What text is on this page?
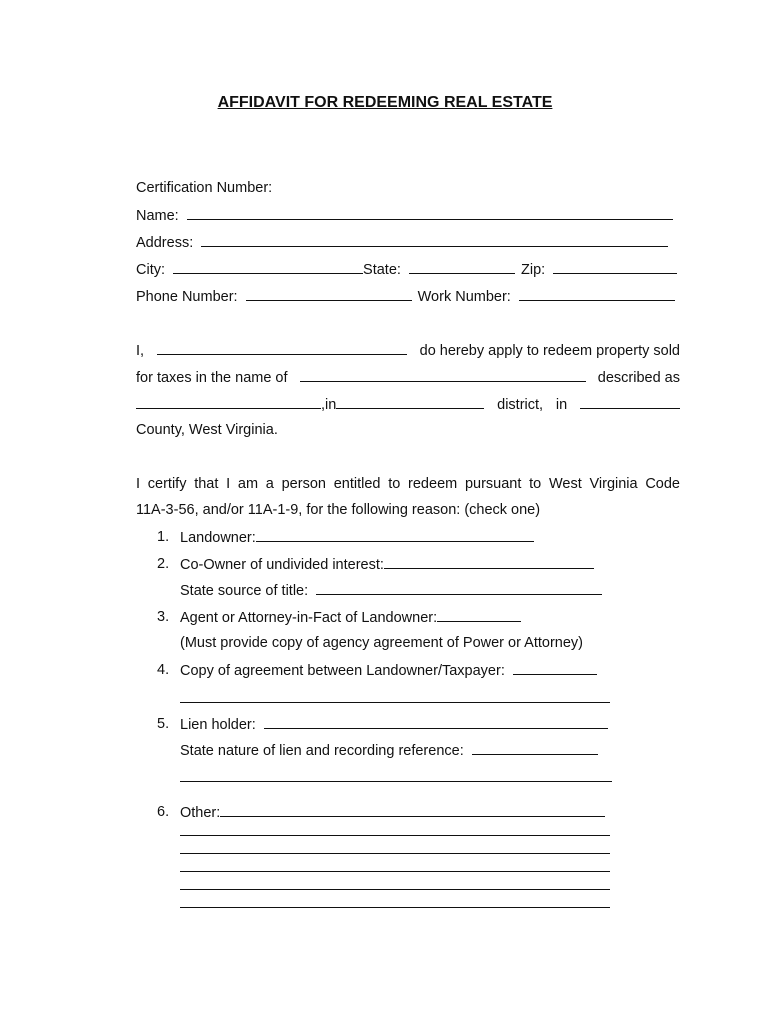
AFFIDAVIT FOR REDEEMING REAL ESTATE
Certification Number:
Name:
Address:
City:	State:	Zip:
Phone Number:	Work Number:
I,	do hereby apply to redeem property sold
for taxes in the name of	described as
,in	district, in
County, West Virginia.
I certify that I am a person entitled to redeem pursuant to West Virginia Code
11A-3-56, and/or 11A-1-9, for the following reason: (check one)
1. Landowner:
2. Co-Owner of undivided interest:
State source of title:
3. Agent or Attorney-in-Fact of Landowner:
(Must provide copy of agency agreement of Power or Attorney)
4. Copy of agreement between Landowner/Taxpayer:
5. Lien holder:
State nature of lien and recording reference:
6. Other:
